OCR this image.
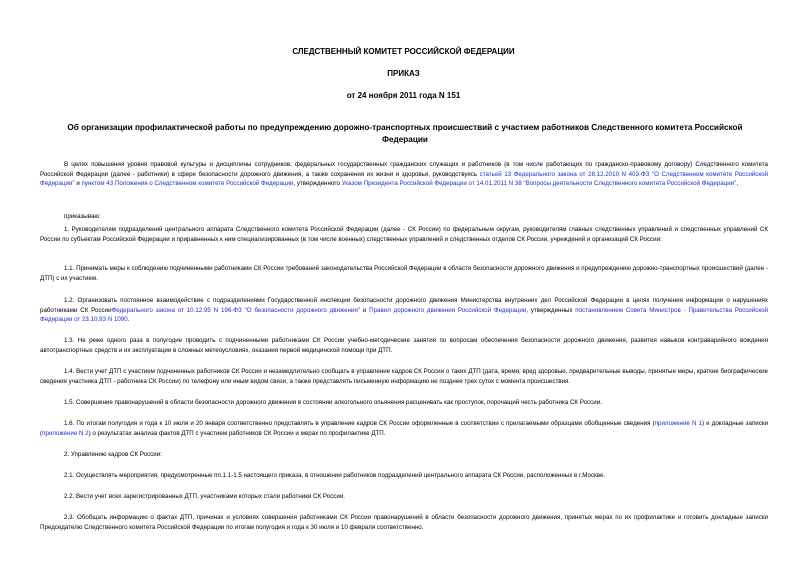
СЛЕДСТВЕННЫЙ КОМИТЕТ РОССИЙСКОЙ ФЕДЕРАЦИИ
ПРИКАЗ
от 24 ноября 2011 года N 151
Об организации профилактической работы по предупреждению дорожно-транспортных происшествий с участием работников Следственного комитета Российской Федерации
В целях повышения уровня правовой культуры и дисциплины сотрудников, федеральных государственных гражданских служащих и работников (в том числе работающих по гражданско-правовому договору) Следственного комитета Российской Федерации (далее - работники) в сфере безопасности дорожного движения, а также сохранения их жизни и здоровья, руководствуясь статьей 13 Федерального закона от 28.12.2010 N 403-ФЗ "О Следственном комитете Российской Федерации" и пунктом 43 Положения о Следственном комитете Российской Федерации, утвержденного Указом Президента Российской Федерации от 14.01.2011 N 38 "Вопросы деятельности Следственного комитета Российской Федерации",
приказываю:
1. Руководителям подразделений центрального аппарата Следственного комитета Российской Федерации (далее - СК России) по федеральным округам, руководителям главных следственных управлений и следственных управлений СК России по субъектам Российской Федерации и приравненных к ним специализированных (в том числе военных) следственных управлений и следственных отделов СК России, учреждений и организаций СК России:
1.1. Принимать меры к соблюдению подчиненными работниками СК России требований законодательства Российской Федерации в области безопасности дорожного движения и предупреждению дорожно-транспортных происшествий (далее - ДТП) с их участием.
1.2. Организовать постоянное взаимодействие с подразделениями Государственной инспекции безопасности дорожного движения Министерства внутренних дел Российской Федерации в целях получения информации о нарушениях работниками СК РоссииФедерального закона от 10.12.95 N 196-ФЗ "О безопасности дорожного движения" и Правил дорожного движения Российской Федерации, утвержденных постановлением Совета Министров - Правительства Российской Федерации от 23.10.93 N 1090.
1.3. Не реже одного раза в полугодие проводить с подчиненными работниками СК России учебно-методические занятия по вопросам обеспечения безопасности дорожного движения, развития навыков контраварийного вождения автотранспортных средств и их эксплуатации в сложных метеоусловиях, оказания первой медицинской помощи при ДТП.
1.4. Вести учет ДТП с участием подчиненных работников СК России и незамедлительно сообщать в управление кадров СК России о таких ДТП (дата, время, вред здоровью, предварительные выводы, принятые меры, краткие биографические сведения участника ДТП - работника СК России) по телефону или иным видом связи, а также представлять письменную информацию не позднее трех суток с момента происшествия.
1.5. Совершение правонарушений в области безопасности дорожного движения в состоянии алкогольного опьянения расценивать как проступок, порочащий честь работника СК России.
1.6. По итогам полугодия и года к 10 июля и 20 января соответственно представлять в управление кадров СК России оформленные в соответствии с прилагаемыми образцами обобщенные сведения (приложение N 1) и докладные записки (приложение N 2) о результатах анализа фактов ДТП с участием работников СК России и мерах по профилактике ДТП.
2. Управлению кадров СК России:
2.1. Осуществлять мероприятия, предусмотренные пп.1.1-1.5 настоящего приказа, в отношении работников подразделений центрального аппарата СК России, расположенных в г.Москве.
2.2. Вести учет всех зарегистрированных ДТП, участниками которых стали работники СК России.
2.3. Обобщать информацию о фактах ДТП, причинах и условиях совершения работниками СК России правонарушений в области безопасности дорожного движения, принятых мерах по их профилактике и готовить докладные записки Председателю Следственного комитета Российской Федерации по итогам полугодия и года к 30 июля и 10 февраля соответственно.
